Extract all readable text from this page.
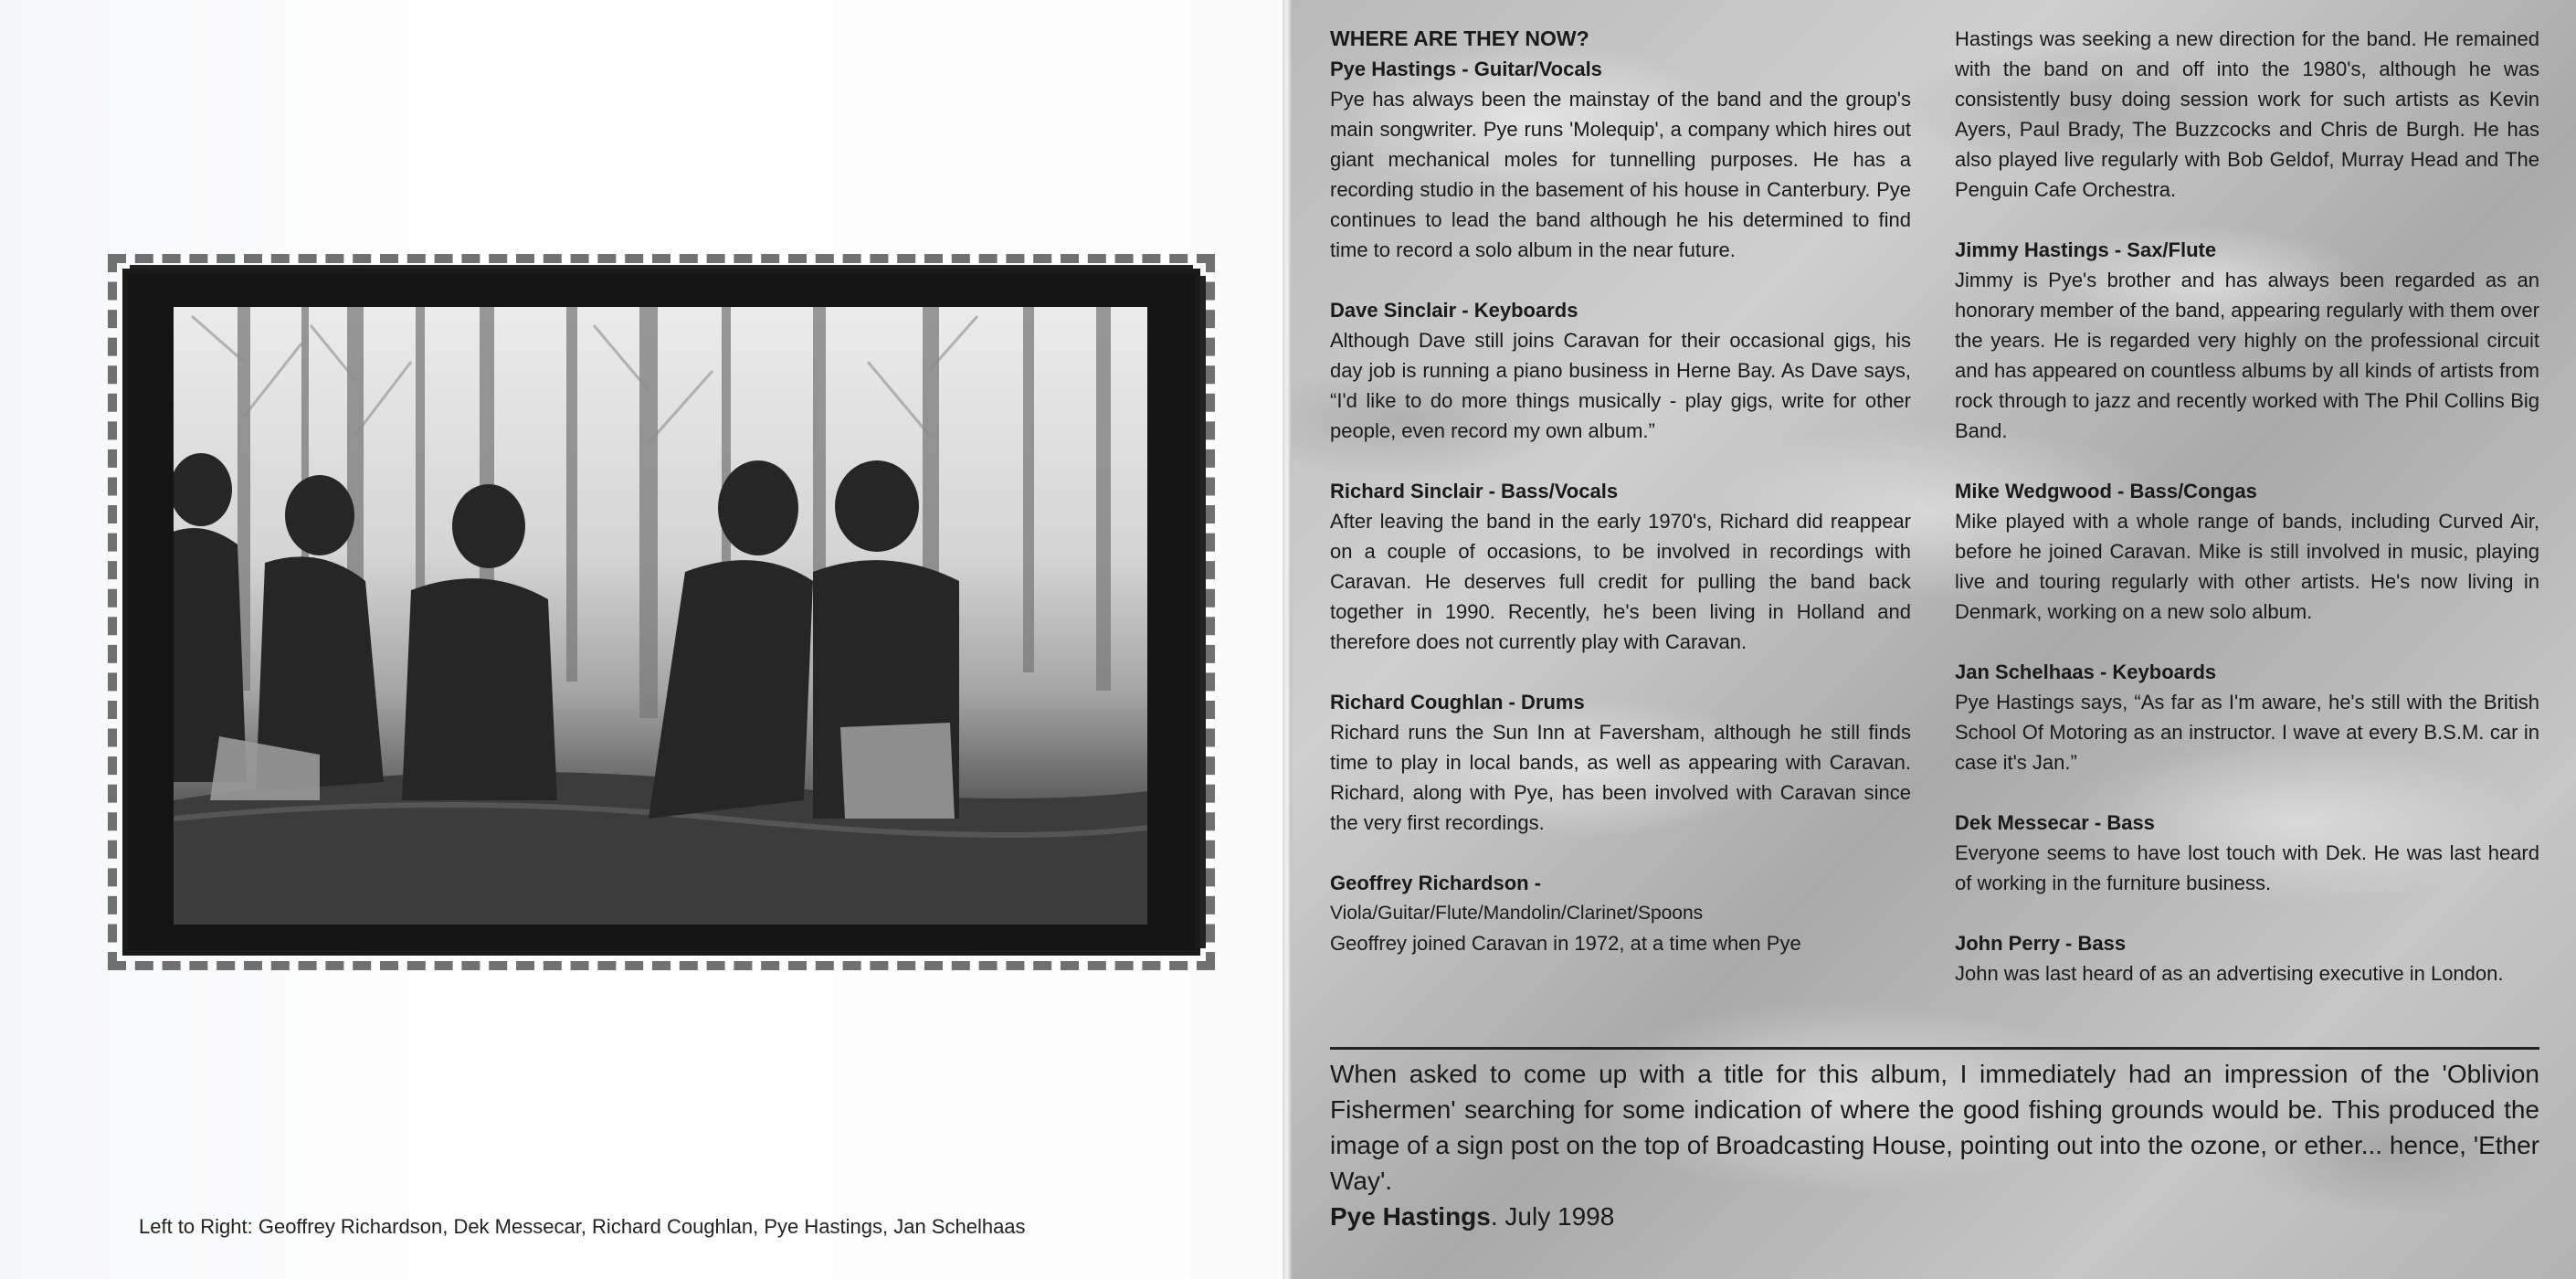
Left to Right: Geoffrey Richardson, Dek Messecar, Richard Coughlan, Pye Hastings, Jan Schelhaas
WHERE ARE THEY NOW?
Pye Hastings - Guitar/Vocals
Pye has always been the mainstay of the band and the group's main songwriter. Pye runs 'Molequip', a company which hires out giant mechanical moles for tunnelling purposes. He has a recording studio in the basement of his house in Canterbury. Pye continues to lead the band although he his determined to find time to record a solo album in the near future.
Dave Sinclair - Keyboards
Although Dave still joins Caravan for their occasional gigs, his day job is running a piano business in Herne Bay. As Dave says, “I'd like to do more things musically - play gigs, write for other people, even record my own album.”
Richard Sinclair - Bass/Vocals
After leaving the band in the early 1970's, Richard did reappear on a couple of occasions, to be involved in recordings with Caravan. He deserves full credit for pulling the band back together in 1990. Recently, he's been living in Holland and therefore does not currently play with Caravan.
Richard Coughlan - Drums
Richard runs the Sun Inn at Faversham, although he still finds time to play in local bands, as well as appearing with Caravan. Richard, along with Pye, has been involved with Caravan since the very first recordings.
Geoffrey Richardson -
Viola/Guitar/Flute/Mandolin/Clarinet/Spoons
Geoffrey joined Caravan in 1972, at a time when Pye
Hastings was seeking a new direction for the band. He remained with the band on and off into the 1980's, although he was consistently busy doing session work for such artists as Kevin Ayers, Paul Brady, The Buzzcocks and Chris de Burgh. He has also played live regularly with Bob Geldof, Murray Head and The Penguin Cafe Orchestra.
Jimmy Hastings - Sax/Flute
Jimmy is Pye's brother and has always been regarded as an honorary member of the band, appearing regularly with them over the years. He is regarded very highly on the professional circuit and has appeared on countless albums by all kinds of artists from rock through to jazz and recently worked with The Phil Collins Big Band.
Mike Wedgwood - Bass/Congas
Mike played with a whole range of bands, including Curved Air, before he joined Caravan. Mike is still involved in music, playing live and touring regularly with other artists. He's now living in Denmark, working on a new solo album.
Jan Schelhaas - Keyboards
Pye Hastings says, “As far as I'm aware, he's still with the British School Of Motoring as an instructor. I wave at every B.S.M. car in case it's Jan.”
Dek Messecar - Bass
Everyone seems to have lost touch with Dek. He was last heard of working in the furniture business.
John Perry - Bass
John was last heard of as an advertising executive in London.
When asked to come up with a title for this album, I immediately had an impression of the 'Oblivion Fishermen' searching for some indication of where the good fishing grounds would be. This produced the image of a sign post on the top of Broadcasting House, pointing out into the ozone, or ether... hence, 'Ether Way'.
Pye Hastings. July 1998
